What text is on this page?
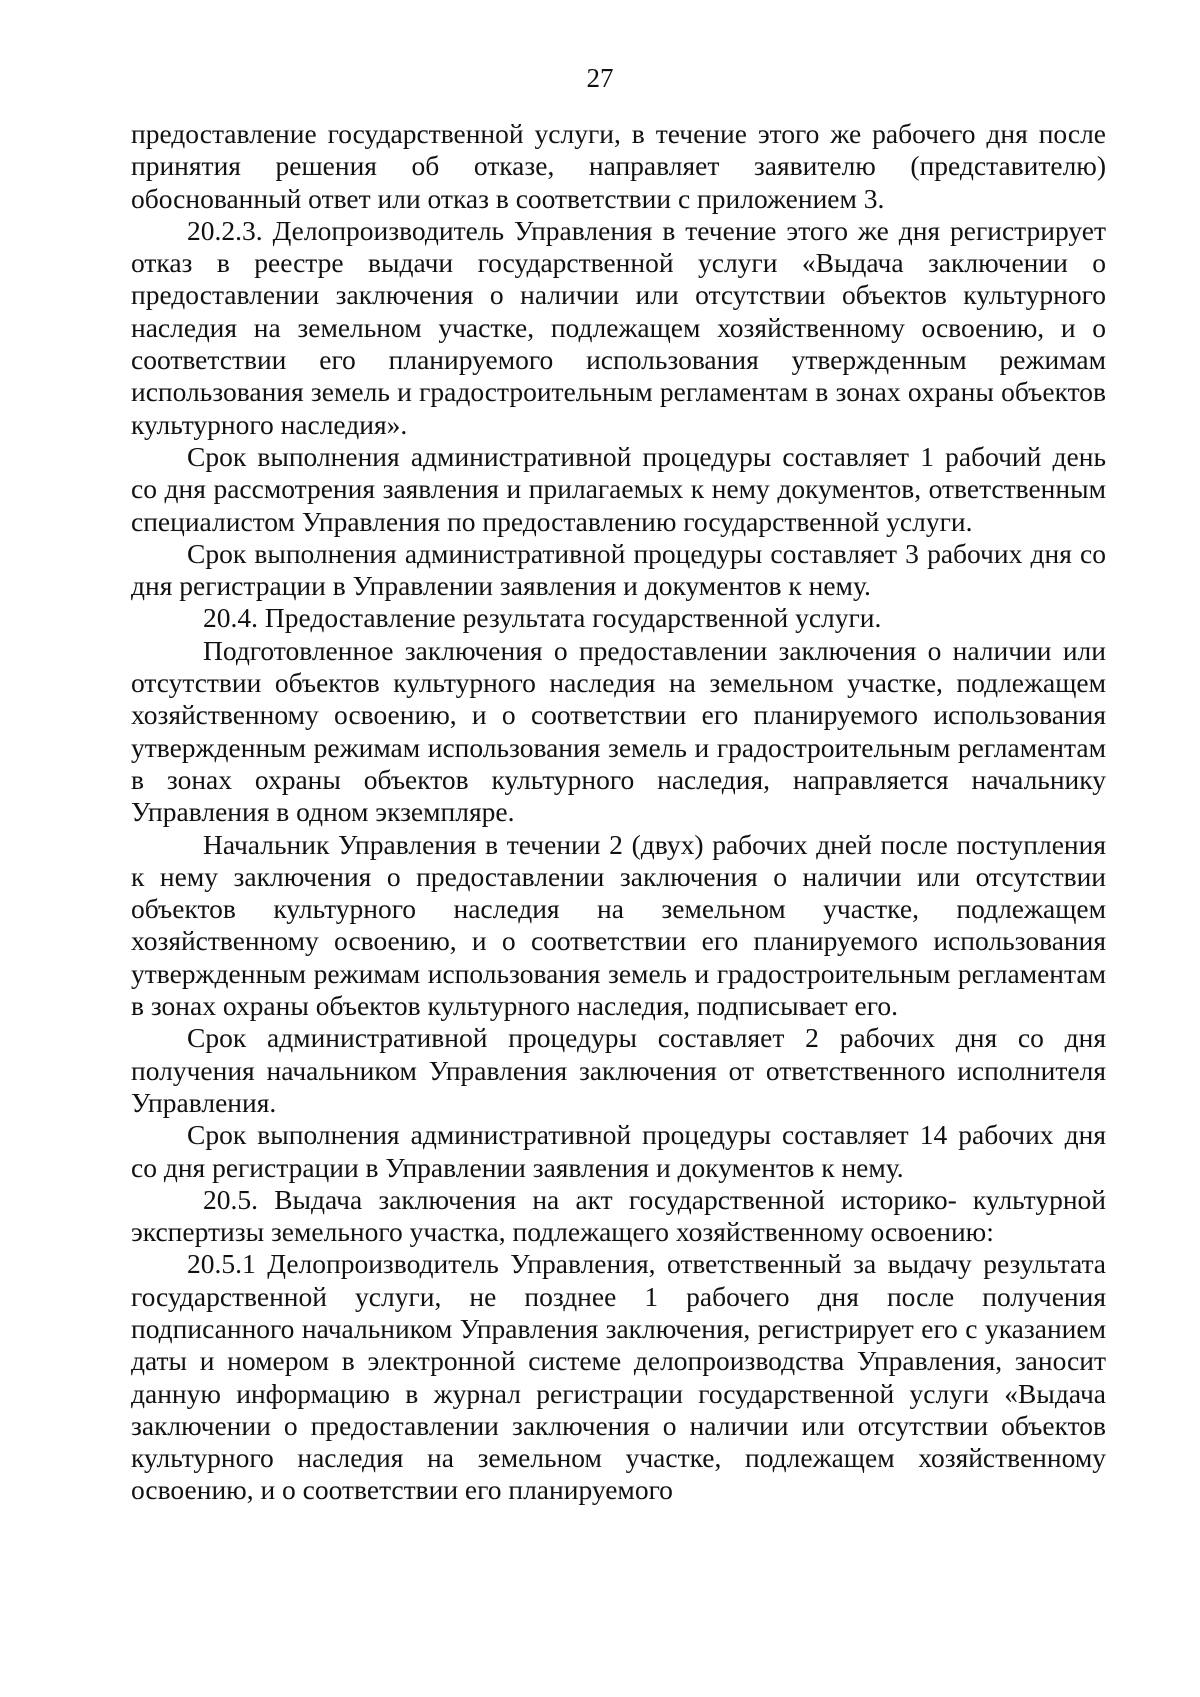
27

предоставление государственной услуги, в течение этого же рабочего дня после принятия решения об отказе, направляет заявителю (представителю) обоснованный ответ или отказ в соответствии с приложением 3.

20.2.3. Делопроизводитель Управления в течение этого же дня регистрирует отказ в реестре выдачи государственной услуги «Выдача заключении о предоставлении заключения о наличии или отсутствии объектов культурного наследия на земельном участке, подлежащем хозяйственному освоению, и о соответствии его планируемого использования утвержденным режимам использования земель и градостроительным регламентам в зонах охраны объектов культурного наследия».

Срок выполнения административной процедуры составляет 1 рабочий день со дня рассмотрения заявления и прилагаемых к нему документов, ответственным специалистом Управления по предоставлению государственной услуги.

Срок выполнения административной процедуры составляет 3 рабочих дня со дня регистрации в Управлении заявления и документов к нему.

20.4. Предоставление результата государственной услуги.

Подготовленное заключения о предоставлении заключения о наличии или отсутствии объектов культурного наследия на земельном участке, подлежащем хозяйственному освоению, и о соответствии его планируемого использования утвержденным режимам использования земель и градостроительным регламентам в зонах охраны объектов культурного наследия, направляется начальнику Управления в одном экземпляре.

Начальник Управления в течении 2 (двух) рабочих дней после поступления к нему заключения о предоставлении заключения о наличии или отсутствии объектов культурного наследия на земельном участке, подлежащем хозяйственному освоению, и о соответствии его планируемого использования утвержденным режимам использования земель и градостроительным регламентам в зонах охраны объектов культурного наследия, подписывает его.

Срок административной процедуры составляет 2 рабочих дня со дня получения начальником Управления заключения от ответственного исполнителя Управления.

Срок выполнения административной процедуры составляет 14 рабочих дня со дня регистрации в Управлении заявления и документов к нему.

20.5. Выдача заключения на акт государственной историко- культурной экспертизы земельного участка, подлежащего хозяйственному освоению:

20.5.1 Делопроизводитель Управления, ответственный за выдачу результата государственной услуги, не позднее 1 рабочего дня после получения подписанного начальником Управления заключения, регистрирует его с указанием даты и номером в электронной системе делопроизводства Управления, заносит данную информацию в журнал регистрации государственной услуги «Выдача заключении о предоставлении заключения о наличии или отсутствии объектов культурного наследия на земельном участке, подлежащем хозяйственному освоению, и о соответствии его планируемого
